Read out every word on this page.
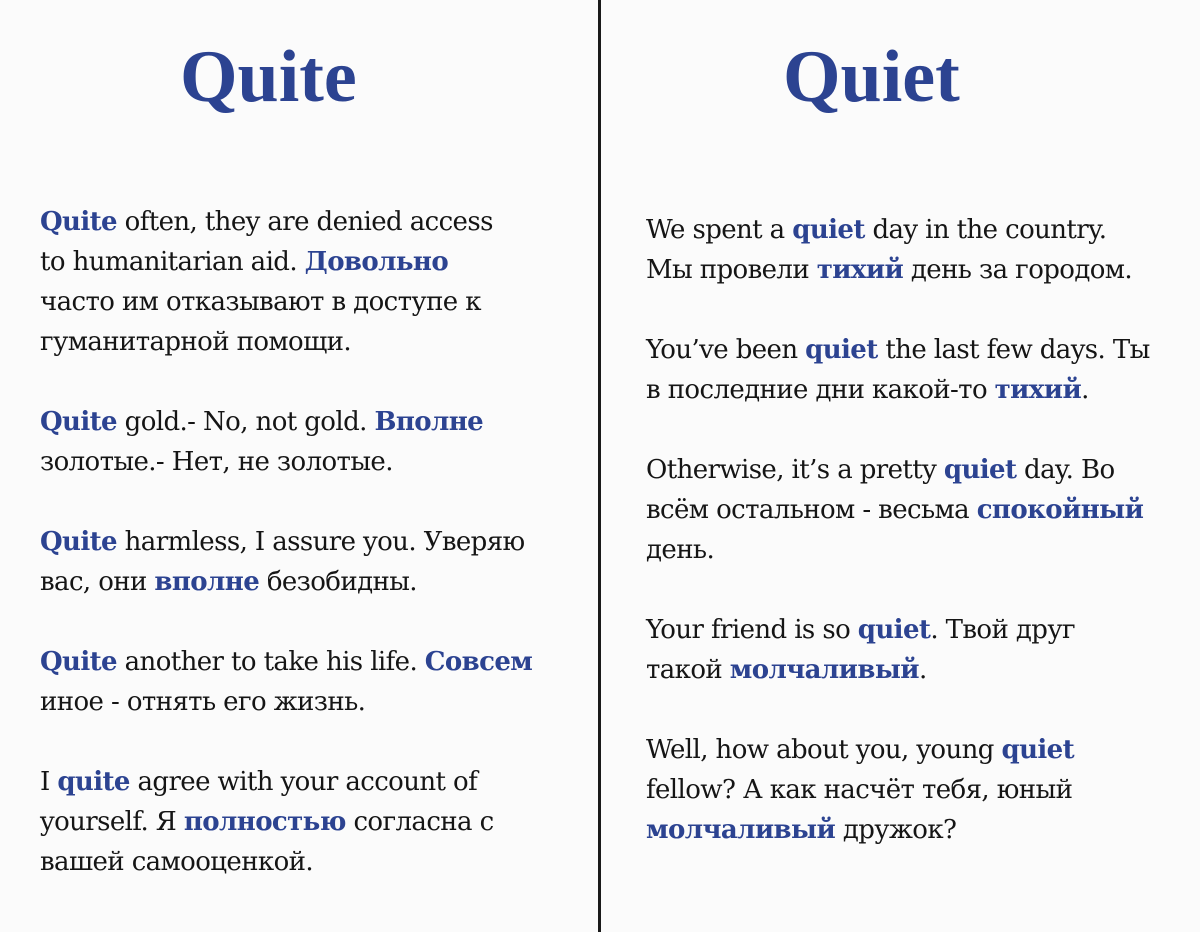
Quite

Quite often, they are denied access
to humanitarian aid. Довольно
часто им отказывают в доступе к
гуманитарной помощи.

Quite gold.- No, not gold. Вполне
золотые.- Нет, не золотые.

Quite harmless, I assure you. Уверяю
вас, они вполне безобидны.

Quite another to take his life. Совсем
иное - отнять его жизнь.

I quite agree with your account of
yourself. Я полностью согласна с
вашей самооценкой.

Quiet

We spent a quiet day in the country.
Мы провели тихий день за городом.

You’ve been quiet the last few days. Ты
в последние дни какой-то тихий.

Otherwise, it’s a pretty quiet day. Во
всём остальном - весьма спокойный
день.

Your friend is so quiet. Твой друг
такой молчаливый.

Well, how about you, young quiet
fellow? А как насчёт тебя, юный
молчаливый дружок?
